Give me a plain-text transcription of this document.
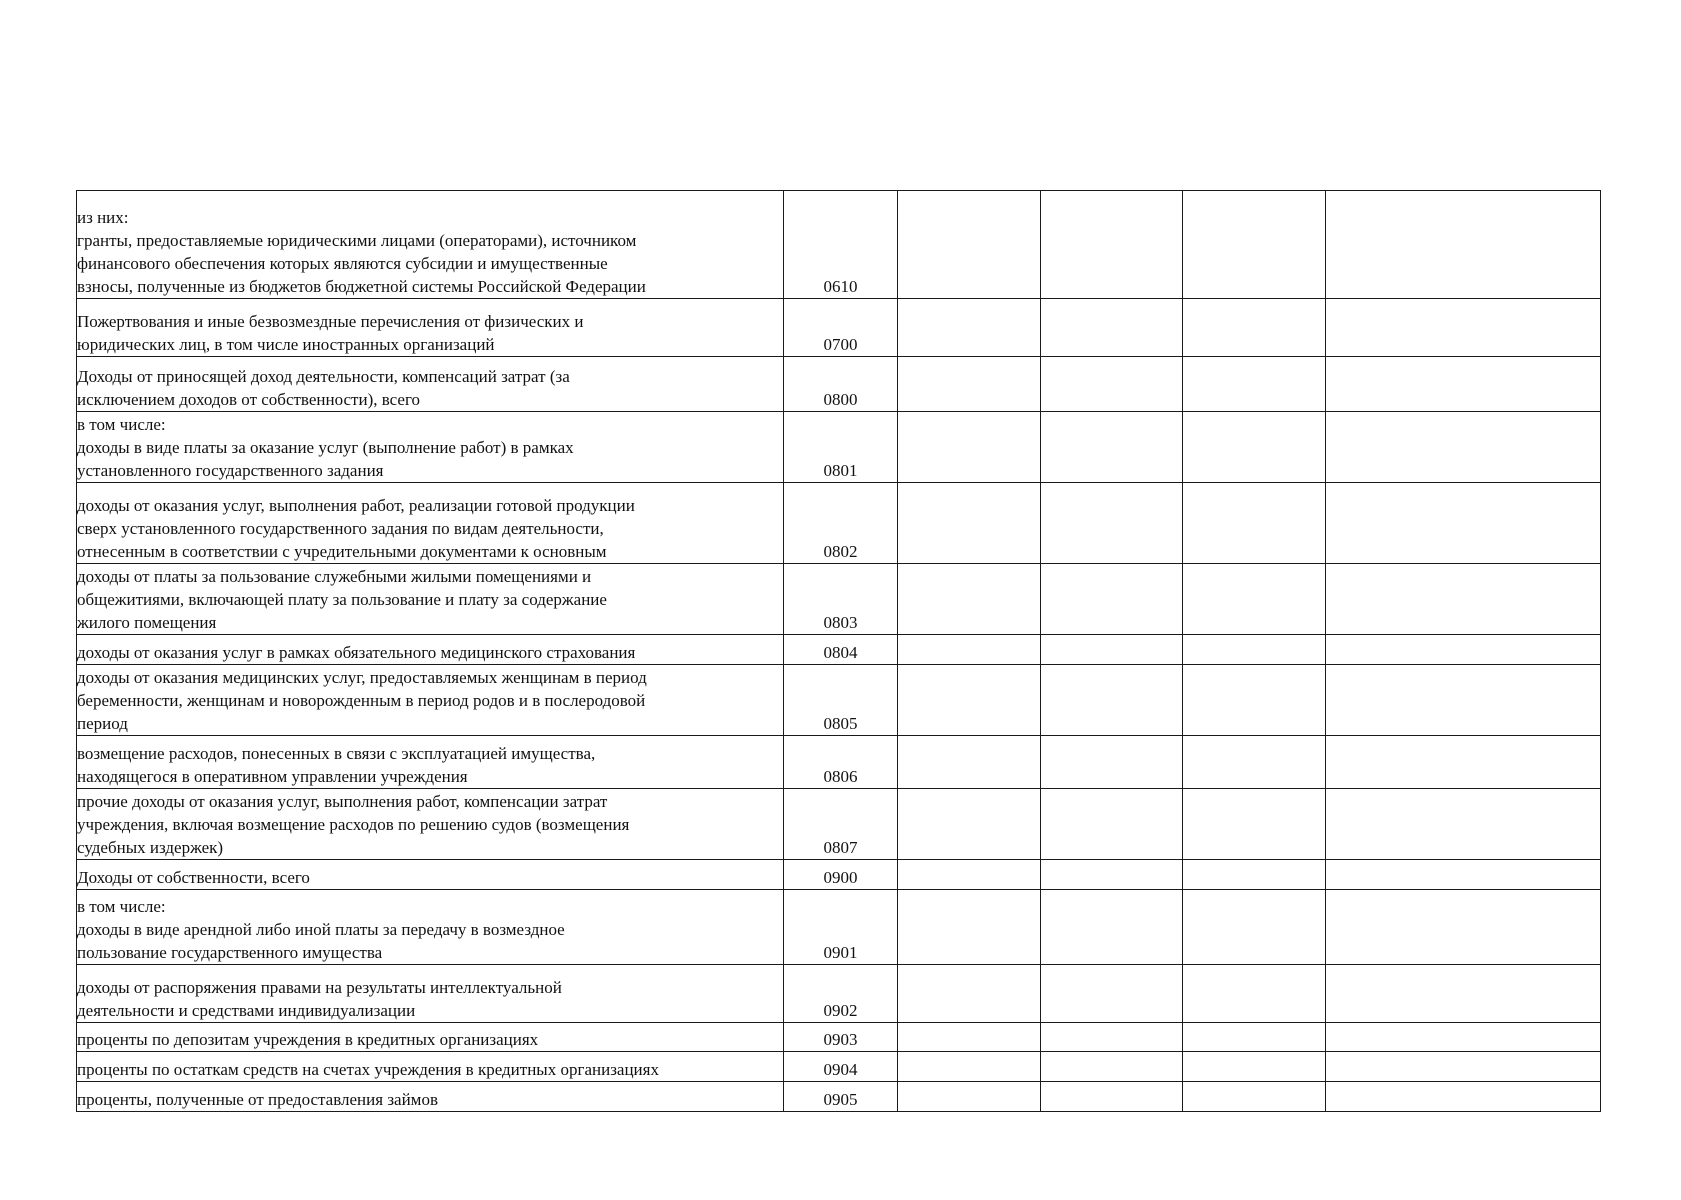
из них:
гранты, предоставляемые юридическими лицами (операторами), источником
финансового обеспечения которых являются субсидии и имущественные
взносы, полученные из бюджетов бюджетной системы Российской Федерации	0610				

Пожертвования и иные безвозмездные перечисления от физических и
юридических лиц, в том числе иностранных организаций	0700				

Доходы от приносящей доход деятельности, компенсаций затрат (за
исключением доходов от собственности), всего	0800				

в том числе:
доходы в виде платы за оказание услуг (выполнение работ) в рамках
установленного государственного задания	0801				

доходы от оказания услуг, выполнения работ, реализации готовой продукции
сверх установленного государственного задания по видам деятельности,
отнесенным в соответствии с учредительными документами к основным	0802				

доходы от платы за пользование служебными жилыми помещениями и
общежитиями, включающей плату за пользование и плату за содержание
жилого помещения	0803				

доходы от оказания услуг в рамках обязательного медицинского страхования	0804				

доходы от оказания медицинских услуг, предоставляемых женщинам в период
беременности, женщинам и новорожденным в период родов и в послеродовой
период	0805				

возмещение расходов, понесенных в связи с эксплуатацией имущества,
находящегося в оперативном управлении учреждения	0806				

прочие доходы от оказания услуг, выполнения работ, компенсации затрат
учреждения, включая возмещение расходов по решению судов (возмещения
судебных издержек)	0807				

Доходы от собственности, всего	0900				

в том числе:
доходы в виде арендной либо иной платы за передачу в возмездное
пользование государственного имущества	0901				

доходы от распоряжения правами на результаты интеллектуальной
деятельности и средствами индивидуализации	0902				

проценты по депозитам учреждения в кредитных организациях	0903				

проценты по остаткам средств на счетах учреждения в кредитных организациях	0904				

проценты, полученные от предоставления займов	0905				
